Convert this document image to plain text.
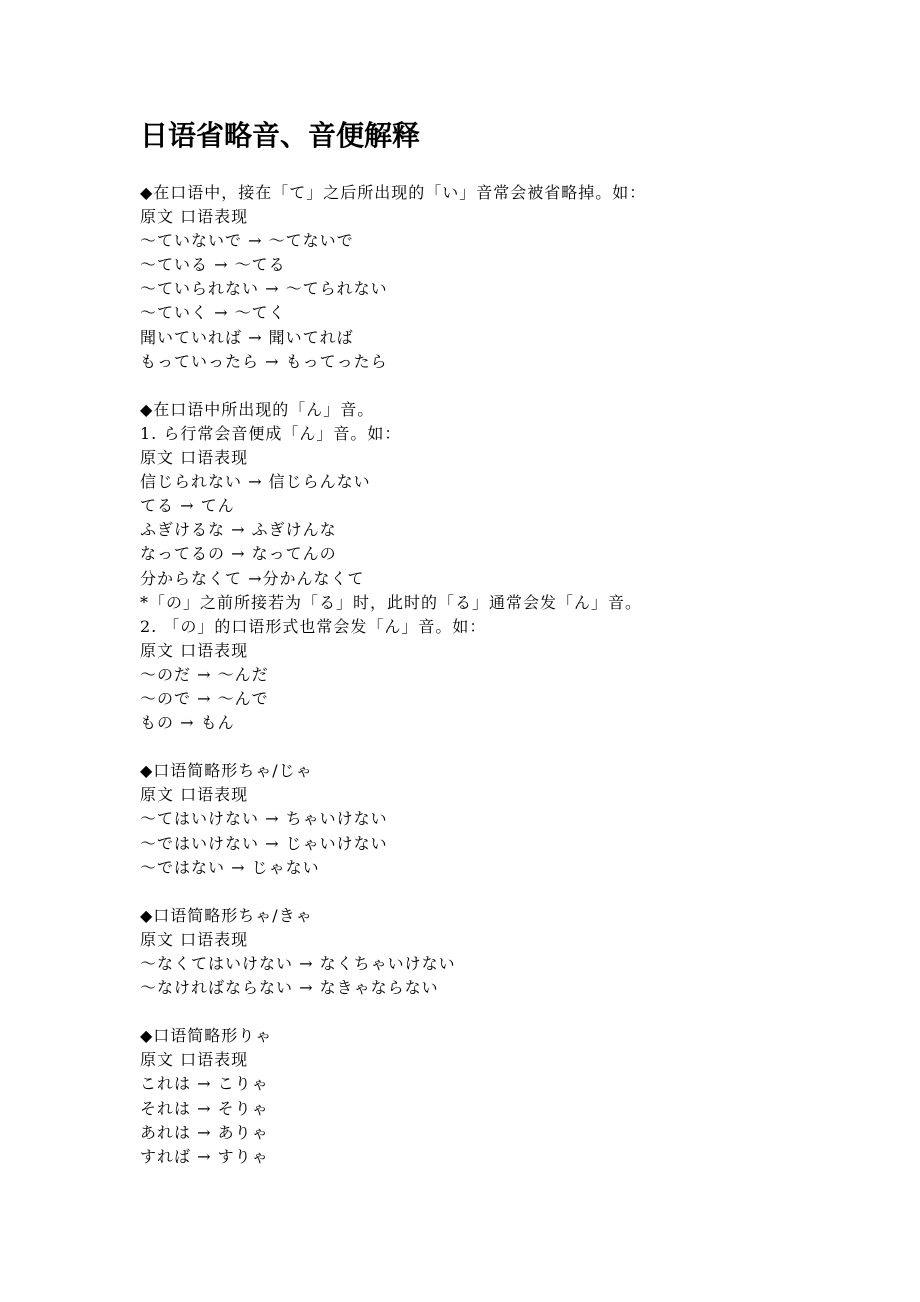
日语省略音、音便解释
◆在口语中，接在「て」之后所出现的「い」音常会被省略掉。如：
原文 口语表现
～ていないで → ～てないで
～ている → ～てる
～ていられない → ～てられない
～ていく → ～てく
聞いていれば → 聞いてれば
もっていったら → もってったら
◆在口语中所出现的「ん」音。
1. ら行常会音便成「ん」音。如：
原文 口语表现
信じられない → 信じらんない
てる → てん
ふぎけるな → ふぎけんな
なってるの → なってんの
分からなくて →分かんなくて
*「の」之前所接若为「る」时，此时的「る」通常会发「ん」音。
2. 「の」的口语形式也常会发「ん」音。如：
原文 口语表现
～のだ → ～んだ
～ので → ～んで
もの → もん
◆口语简略形ちゃ/じゃ
原文 口语表现
～てはいけない → ちゃいけない
～ではいけない → じゃいけない
～ではない → じゃない
◆口语简略形ちゃ/きゃ
原文 口语表现
～なくてはいけない → なくちゃいけない
～なければならない → なきゃならない
◆口语简略形りゃ
原文 口语表现
これは → こりゃ
それは → そりゃ
あれは → ありゃ
すれば → すりゃ
